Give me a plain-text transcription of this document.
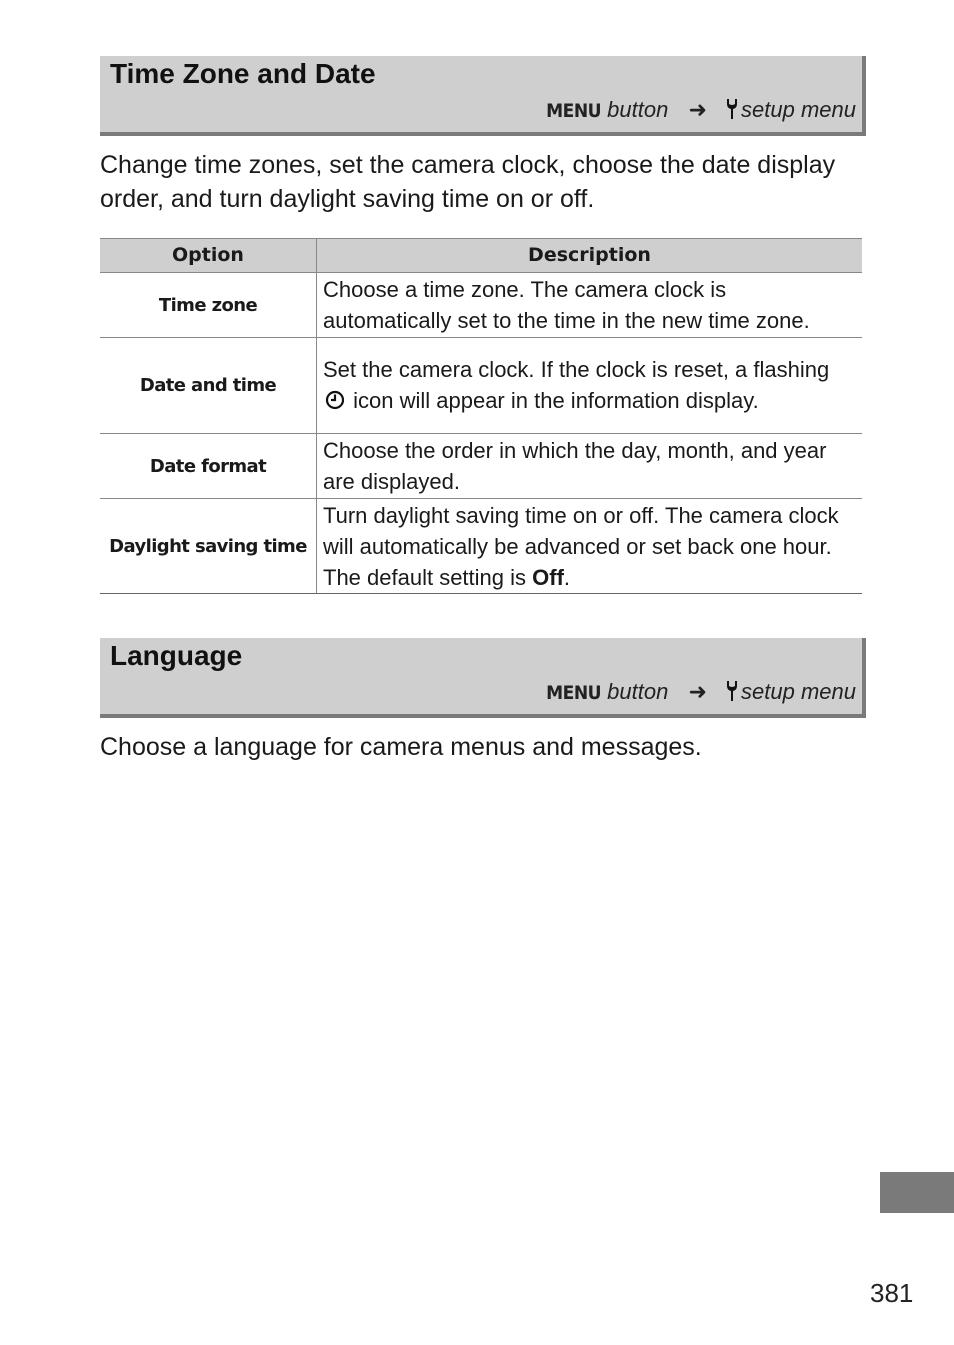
Time Zone and Date
MENU button ➜ setup menu
Change time zones, set the camera clock, choose the date display order, and turn daylight saving time on or off.
Option	Description
Time zone	Choose a time zone. The camera clock is automatically set to the time in the new time zone.
Date and time	Set the camera clock. If the clock is reset, a flashing  icon will appear in the information display.
Date format	Choose the order in which the day, month, and year are displayed.
Daylight saving time	Turn daylight saving time on or off. The camera clock will automatically be advanced or set back one hour. The default setting is Off.
Language
MENU button ➜ setup menu
Choose a language for camera menus and messages.
381
